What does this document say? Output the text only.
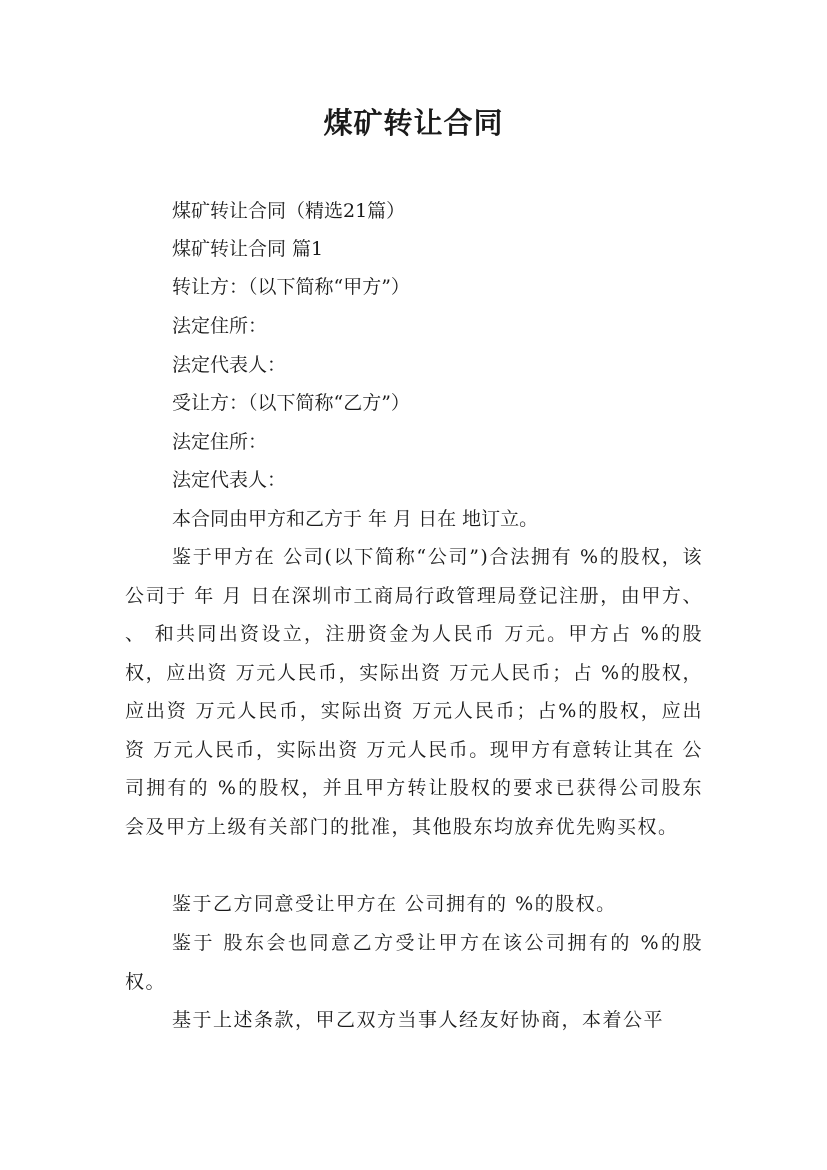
煤矿转让合同

煤矿转让合同（精选21篇）

煤矿转让合同 篇1

转让方：（以下简称“甲方”）

法定住所：

法定代表人：

受让方：（以下简称“乙方”）

法定住所：

法定代表人：

本合同由甲方和乙方于 年 月 日在 地订立。

鉴于甲方在 公司(以下简称“公司”)合法拥有 %的股权，该公司于 年 月 日在深圳市工商局行政管理局登记注册，由甲方、 、 和共同出资设立，注册资金为人民币 万元。甲方占 %的股权，应出资 万元人民币，实际出资 万元人民币；占 %的股权，应出资 万元人民币，实际出资 万元人民币；占%的股权，应出资 万元人民币，实际出资 万元人民币。现甲方有意转让其在 公司拥有的 %的股权，并且甲方转让股权的要求已获得公司股东会及甲方上级有关部门的批准，其他股东均放弃优先购买权。

鉴于乙方同意受让甲方在 公司拥有的 %的股权。

鉴于 股东会也同意乙方受让甲方在该公司拥有的 %的股权。

基于上述条款，甲乙双方当事人经友好协商，本着公平
